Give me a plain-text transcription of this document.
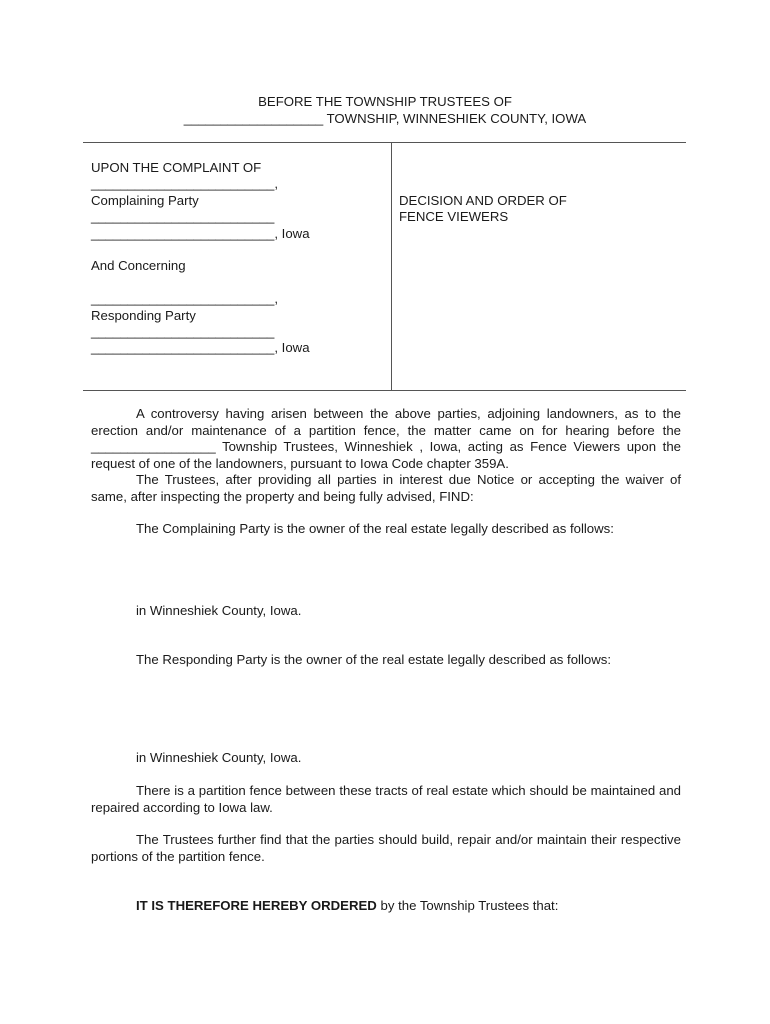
BEFORE THE TOWNSHIP TRUSTEES OF
___________________ TOWNSHIP, WINNESHIEK COUNTY, IOWA
UPON THE COMPLAINT OF
_________________________,
Complaining Party
_________________________
_________________________, Iowa
And Concerning
_________________________,
Responding Party
_________________________
_________________________, Iowa
DECISION AND ORDER OF
FENCE VIEWERS

A controversy having arisen between the above parties, adjoining landowners, as to the erection and/or maintenance of a partition fence, the matter came on for hearing before the _________________ Township Trustees, Winneshiek , Iowa, acting as Fence Viewers upon the request of one of the landowners, pursuant to Iowa Code chapter 359A.

The Trustees, after providing all parties in interest due Notice or accepting the waiver of same, after inspecting the property and being fully advised, FIND:

The Complaining Party is the owner of the real estate legally described as follows:

in Winneshiek County, Iowa.

The Responding Party is the owner of the real estate legally described as follows:

in Winneshiek County, Iowa.

There is a partition fence between these tracts of real estate which should be maintained and repaired according to Iowa law.

The Trustees further find that the parties should build, repair and/or maintain their respective portions of the partition fence.

IT IS THEREFORE HEREBY ORDERED by the Township Trustees that:
